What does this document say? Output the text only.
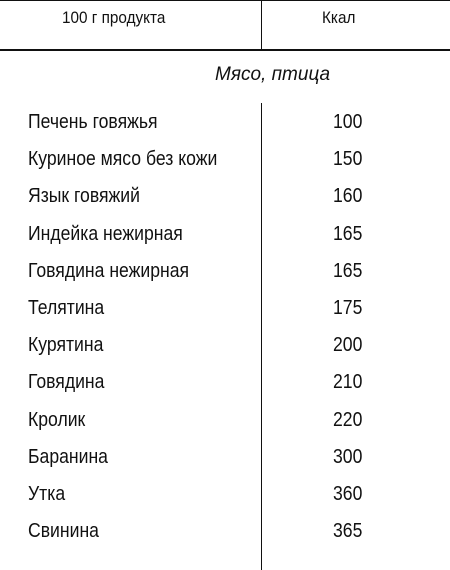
100 г продукта	Ккал
Мясо, птица
Печень говяжья	100
Куриное мясо без кожи	150
Язык говяжий	160
Индейка нежирная	165
Говядина нежирная	165
Телятина	175
Курятина	200
Говядина	210
Кролик	220
Баранина	300
Утка	360
Свинина	365
